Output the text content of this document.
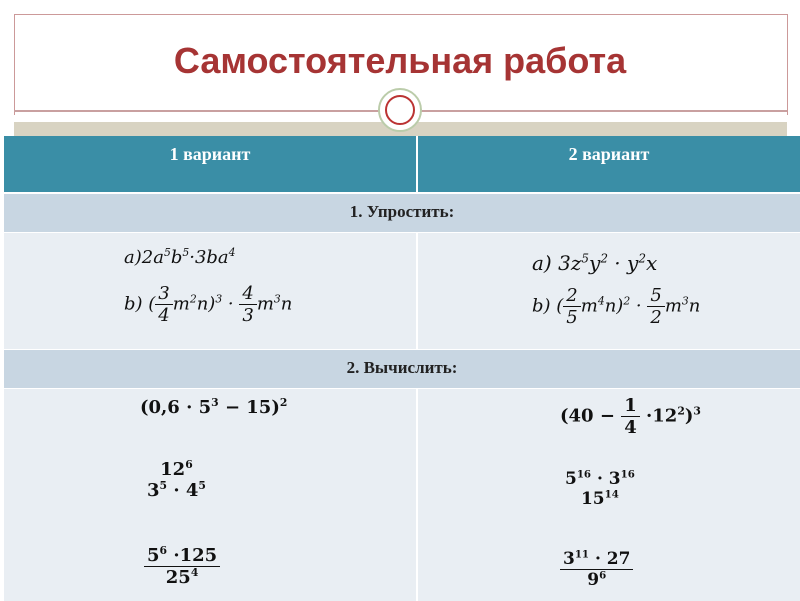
Самостоятельная работа
1 вариант	2 вариант
1. Упростить:
$a)2a^5b^5\cdot 3ba^4$
b) ( $\frac{3}{4} m^2n)^3 \cdot \frac{4}{3} m^3n$
a) $3z^5y^2 \cdot y^2x$
b) ( $\frac{2}{5} m^4n)^2 \cdot \frac{5}{2} m^3n$
2. Вычислить:
$(0,6 \cdot 5^3 - 15)^2$
$12^6$
$3^5 \cdot 4^5$
$\frac{5^6 \cdot 125}{25^4}$
$(40 - \frac{1}{4} \cdot 12^2)^3$
$5^{16} \cdot 3^{16}$
$15^{14}$
$\frac{3^{11} \cdot 27}{9^6}$
